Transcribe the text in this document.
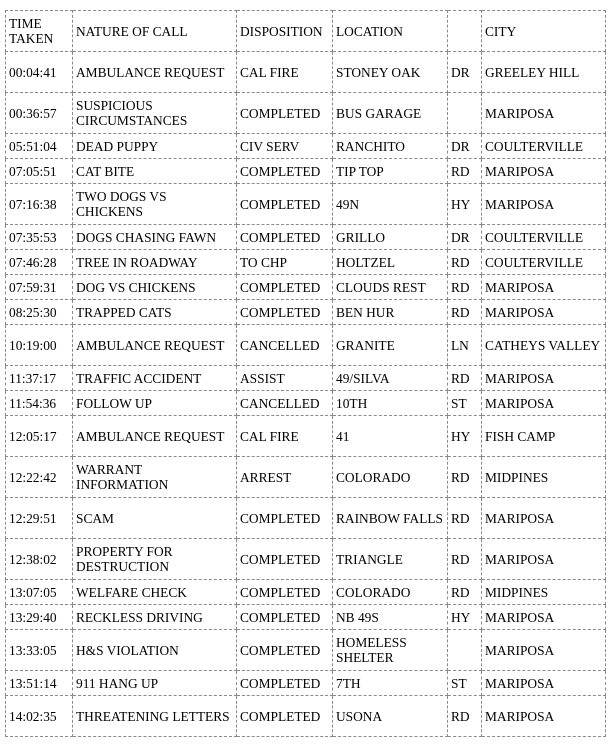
TIME TAKEN	NATURE OF CALL	DISPOSITION	LOCATION		CITY
00:04:41	AMBULANCE REQUEST	CAL FIRE	STONEY OAK	DR	GREELEY HILL
00:36:57	SUSPICIOUS CIRCUMSTANCES	COMPLETED	BUS GARAGE		MARIPOSA
05:51:04	DEAD PUPPY	CIV SERV	RANCHITO	DR	COULTERVILLE
07:05:51	CAT BITE	COMPLETED	TIP TOP	RD	MARIPOSA
07:16:38	TWO DOGS VS CHICKENS	COMPLETED	49N	HY	MARIPOSA
07:35:53	DOGS CHASING FAWN	COMPLETED	GRILLO	DR	COULTERVILLE
07:46:28	TREE IN ROADWAY	TO CHP	HOLTZEL	RD	COULTERVILLE
07:59:31	DOG VS CHICKENS	COMPLETED	CLOUDS REST	RD	MARIPOSA
08:25:30	TRAPPED CATS	COMPLETED	BEN HUR	RD	MARIPOSA
10:19:00	AMBULANCE REQUEST	CANCELLED	GRANITE	LN	CATHEYS VALLEY
11:37:17	TRAFFIC ACCIDENT	ASSIST	49/SILVA	RD	MARIPOSA
11:54:36	FOLLOW UP	CANCELLED	10TH	ST	MARIPOSA
12:05:17	AMBULANCE REQUEST	CAL FIRE	41	HY	FISH CAMP
12:22:42	WARRANT INFORMATION	ARREST	COLORADO	RD	MIDPINES
12:29:51	SCAM	COMPLETED	RAINBOW FALLS	RD	MARIPOSA
12:38:02	PROPERTY FOR DESTRUCTION	COMPLETED	TRIANGLE	RD	MARIPOSA
13:07:05	WELFARE CHECK	COMPLETED	COLORADO	RD	MIDPINES
13:29:40	RECKLESS DRIVING	COMPLETED	NB 49S	HY	MARIPOSA
13:33:05	H&S VIOLATION	COMPLETED	HOMELESS SHELTER		MARIPOSA
13:51:14	911 HANG UP	COMPLETED	7TH	ST	MARIPOSA
14:02:35	THREATENING LETTERS	COMPLETED	USONA	RD	MARIPOSA
